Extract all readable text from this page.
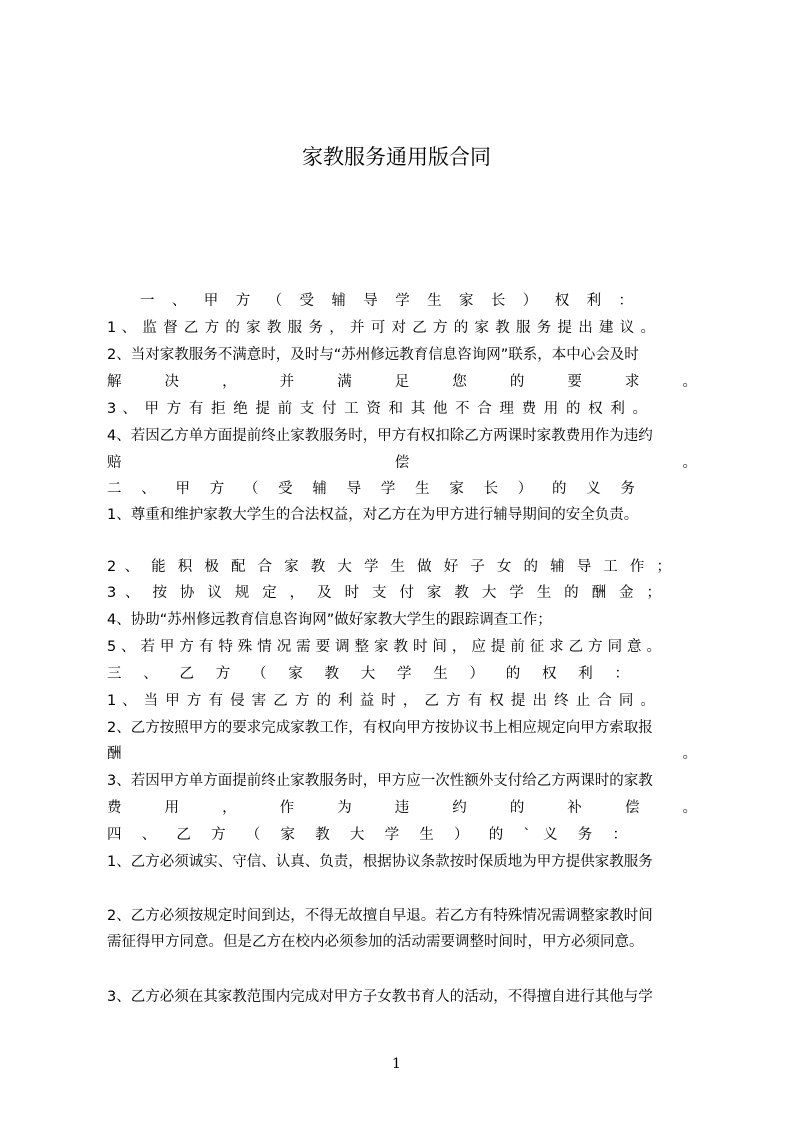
家教服务通用版合同
一 、 甲 方 （ 受 辅 导 学 生 家 长 ） 权 利 ：
1 、 监 督 乙 方 的 家 教 服 务 ， 并 可 对 乙 方 的 家 教 服 务 提 出 建 议 。
2、当对家教服务不满意时，及时与“苏州修远教育信息咨询网”联系，本中心会及时
解 决 ， 并 满 足 您 的 要 求 。
3 、 甲 方 有 拒 绝 提 前 支 付 工 资 和 其 他 不 合 理 费 用 的 权 利 。
4、若因乙方单方面提前终止家教服务时，甲方有权扣除乙方两课时家教费用作为违约
赔 偿 。
二 、 甲 方 （ 受 辅 导 学 生 家 长 ） 的 义 务
1、尊重和维护家教大学生的合法权益，对乙方在为甲方进行辅导期间的安全负责。
2 、 能 积 极 配 合 家 教 大 学 生 做 好 子 女 的 辅 导 工 作 ；
3 、 按 协 议 规 定 ， 及 时 支 付 家 教 大 学 生 的 酬 金 ；
4、协助“苏州修远教育信息咨询网”做好家教大学生的跟踪调查工作；
5 、 若 甲 方 有 特 殊 情 况 需 要 调 整 家 教 时 间 ， 应 提 前 征 求 乙 方 同 意 。
三 、 乙 方 （ 家 教 大 学 生 ） 的 权 利 ：
1 、 当 甲 方 有 侵 害 乙 方 的 利 益 时 ， 乙 方 有 权 提 出 终 止 合 同 。
2、乙方按照甲方的要求完成家教工作，有权向甲方按协议书上相应规定向甲方索取报
酬 。
3、若因甲方单方面提前终止家教服务时，甲方应一次性额外支付给乙方两课时的家教
费 用 ， 作 为 违 约 的 补 偿 。
四 、 乙 方 （ 家 教 大 学 生 ） 的 ` 义 务 ：
1、乙方必须诚实、守信、认真、负责，根据协议条款按时保质地为甲方提供家教服务
2、乙方必须按规定时间到达，不得无故擅自早退。若乙方有特殊情况需调整家教时间
需征得甲方同意。但是乙方在校内必须参加的活动需要调整时间时，甲方必须同意。
3、乙方必须在其家教范围内完成对甲方子女教书育人的活动，不得擅自进行其他与学
1
